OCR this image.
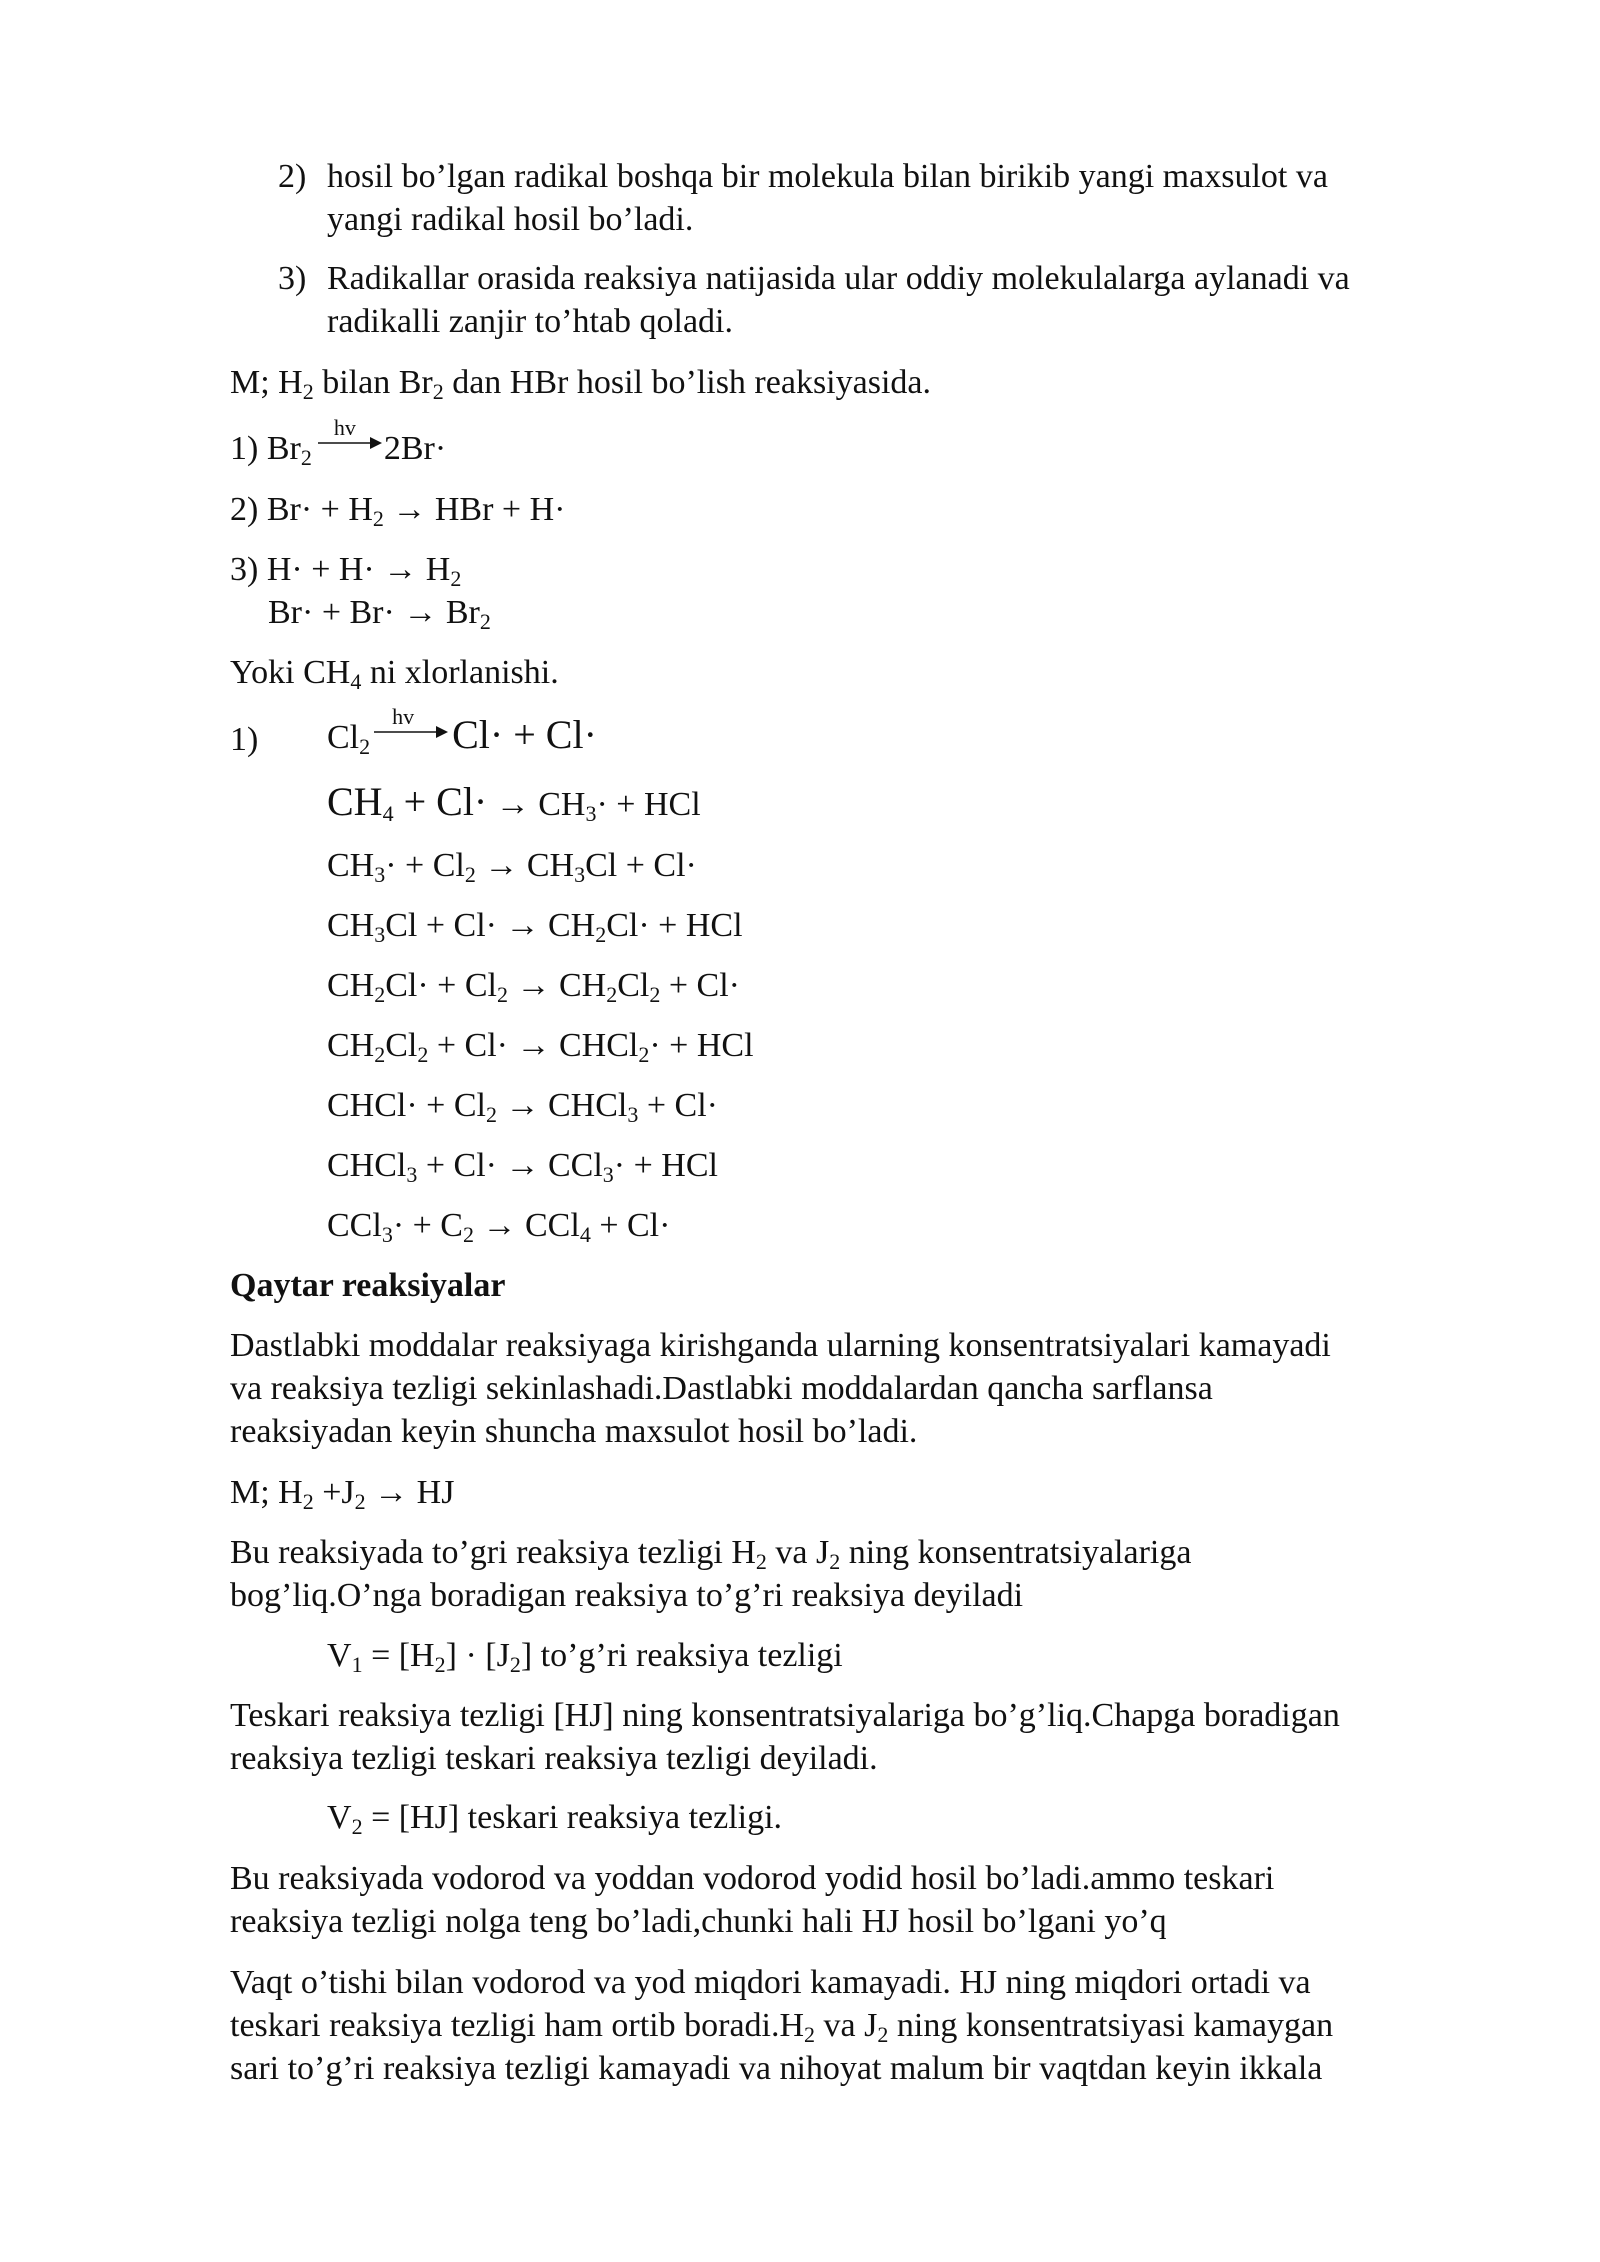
2) hosil bo’lgan radikal boshqa bir molekula bilan birikib yangi maxsulot va
yangi radikal hosil bo’ladi.
3) Radikallar orasida reaksiya natijasida ular oddiy molekulalarga aylanadi va
radikalli zanjir to’htab qoladi.
M; $H_2$ bilan $Br_2$ dan HBr hosil bo’lish reaksiyasida.
1) $Br_2$
hv
2Br·
2) $Br\cdot + H_2$ → HBr + H·
3) $H\cdot + H\cdot \to H_2$
$Br\cdot + Br\cdot \to Br_2$
Yoki $CH_4$ ni xlorlanishi.
1) $Cl_2$
hv Cl· + Cl·
$CH_4 + Cl\cdot \to CH_3\cdot$ + HCl
$CH_3\cdot + Cl_2 \to CH_3Cl + Cl\cdot$
$CH_3Cl + Cl\cdot \to CH_2Cl\cdot$ + HCl
$CH_2Cl\cdot + Cl_2 \to CH_2Cl_2 + Cl\cdot$
$CH_2Cl_2 + Cl\cdot$ → CHCl$_2$· + HCl
CHCl· + $Cl_2$ → CHCl$_3$ + Cl·
CHCl$_3$ + Cl· → CCl$_3$· + HCl
$CCl_3\cdot + C_2 \to CCl_4 + Cl\cdot$
Qaytar reaksiyalar
Dastlabki moddalar reaksiyaga kirishganda ularning konsentratsiyalari kamayadi
va reaksiya tezligi sekinlashadi.Dastlabki moddalardan qancha sarflansa
reaksiyadan keyin shuncha maxsulot hosil bo’ladi.
M; $H_2 +J_2$ → HJ
Bu reaksiyada to’gri reaksiya tezligi $H_2$ va $J_2$ ning konsentratsiyalariga
bog’liq.O’nga boradigan reaksiya to’g’ri reaksiya deyiladi
$V_1 = [H_2] \cdot [J_2]$ to’g’ri reaksiya tezligi
Teskari reaksiya tezligi [HJ] ning konsentratsiyalariga bo’g’liq.Chapga boradigan
reaksiya tezligi teskari reaksiya tezligi deyiladi.
$V_2 = [HJ]$ teskari reaksiya tezligi.
Bu reaksiyada vodorod va yoddan vodorod yodid hosil bo’ladi.ammo teskari
reaksiya tezligi nolga teng bo’ladi,chunki hali HJ hosil bo’lgani yo’q
Vaqt o’tishi bilan vodorod va yod miqdori kamayadi. HJ ning miqdori ortadi va
teskari reaksiya tezligi ham ortib $boradi.H_2$ va $J_2$ ning konsentratsiyasi kamaygan
sari to’g’ri reaksiya tezligi kamayadi va nihoyat malum bir vaqtdan keyin ikkala
